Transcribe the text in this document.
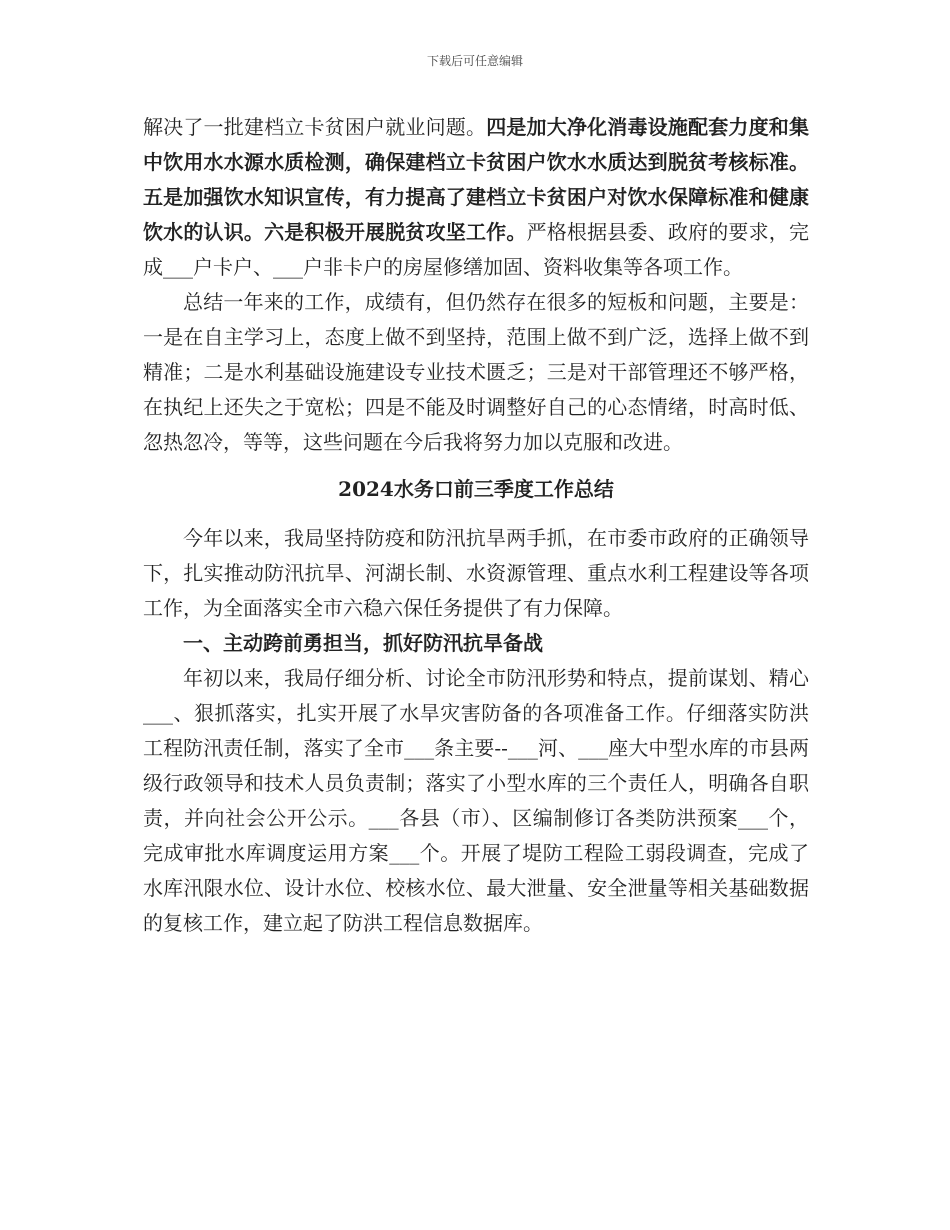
下载后可任意编辑

解决了一批建档立卡贫困户就业问题。四是加大净化消毒设施配套力度和集中饮用水水源水质检测，确保建档立卡贫困户饮水水质达到脱贫考核标准。五是加强饮水知识宣传，有力提高了建档立卡贫困户对饮水保障标准和健康饮水的认识。六是积极开展脱贫攻坚工作。严格根据县委、政府的要求，完成___户卡户、___户非卡户的房屋修缮加固、资料收集等各项工作。

总结一年来的工作，成绩有，但仍然存在很多的短板和问题，主要是：一是在自主学习上，态度上做不到坚持，范围上做不到广泛，选择上做不到精准；二是水利基础设施建设专业技术匮乏；三是对干部管理还不够严格，在执纪上还失之于宽松；四是不能及时调整好自己的心态情绪，时高时低、忽热忽冷，等等，这些问题在今后我将努力加以克服和改进。

2024水务口前三季度工作总结

今年以来，我局坚持防疫和防汛抗旱两手抓，在市委市政府的正确领导下，扎实推动防汛抗旱、河湖长制、水资源管理、重点水利工程建设等各项工作，为全面落实全市六稳六保任务提供了有力保障。

一、主动跨前勇担当，抓好防汛抗旱备战

年初以来，我局仔细分析、讨论全市防汛形势和特点，提前谋划、精心___、狠抓落实，扎实开展了水旱灾害防备的各项准备工作。仔细落实防洪工程防汛责任制，落实了全市___条主要--___河、___座大中型水库的市县两级行政领导和技术人员负责制；落实了小型水库的三个责任人，明确各自职责，并向社会公开公示。___各县（市）、区编制修订各类防洪预案___个，完成审批水库调度运用方案___个。开展了堤防工程险工弱段调查，完成了水库汛限水位、设计水位、校核水位、最大泄量、安全泄量等相关基础数据的复核工作，建立起了防洪工程信息数据库。
